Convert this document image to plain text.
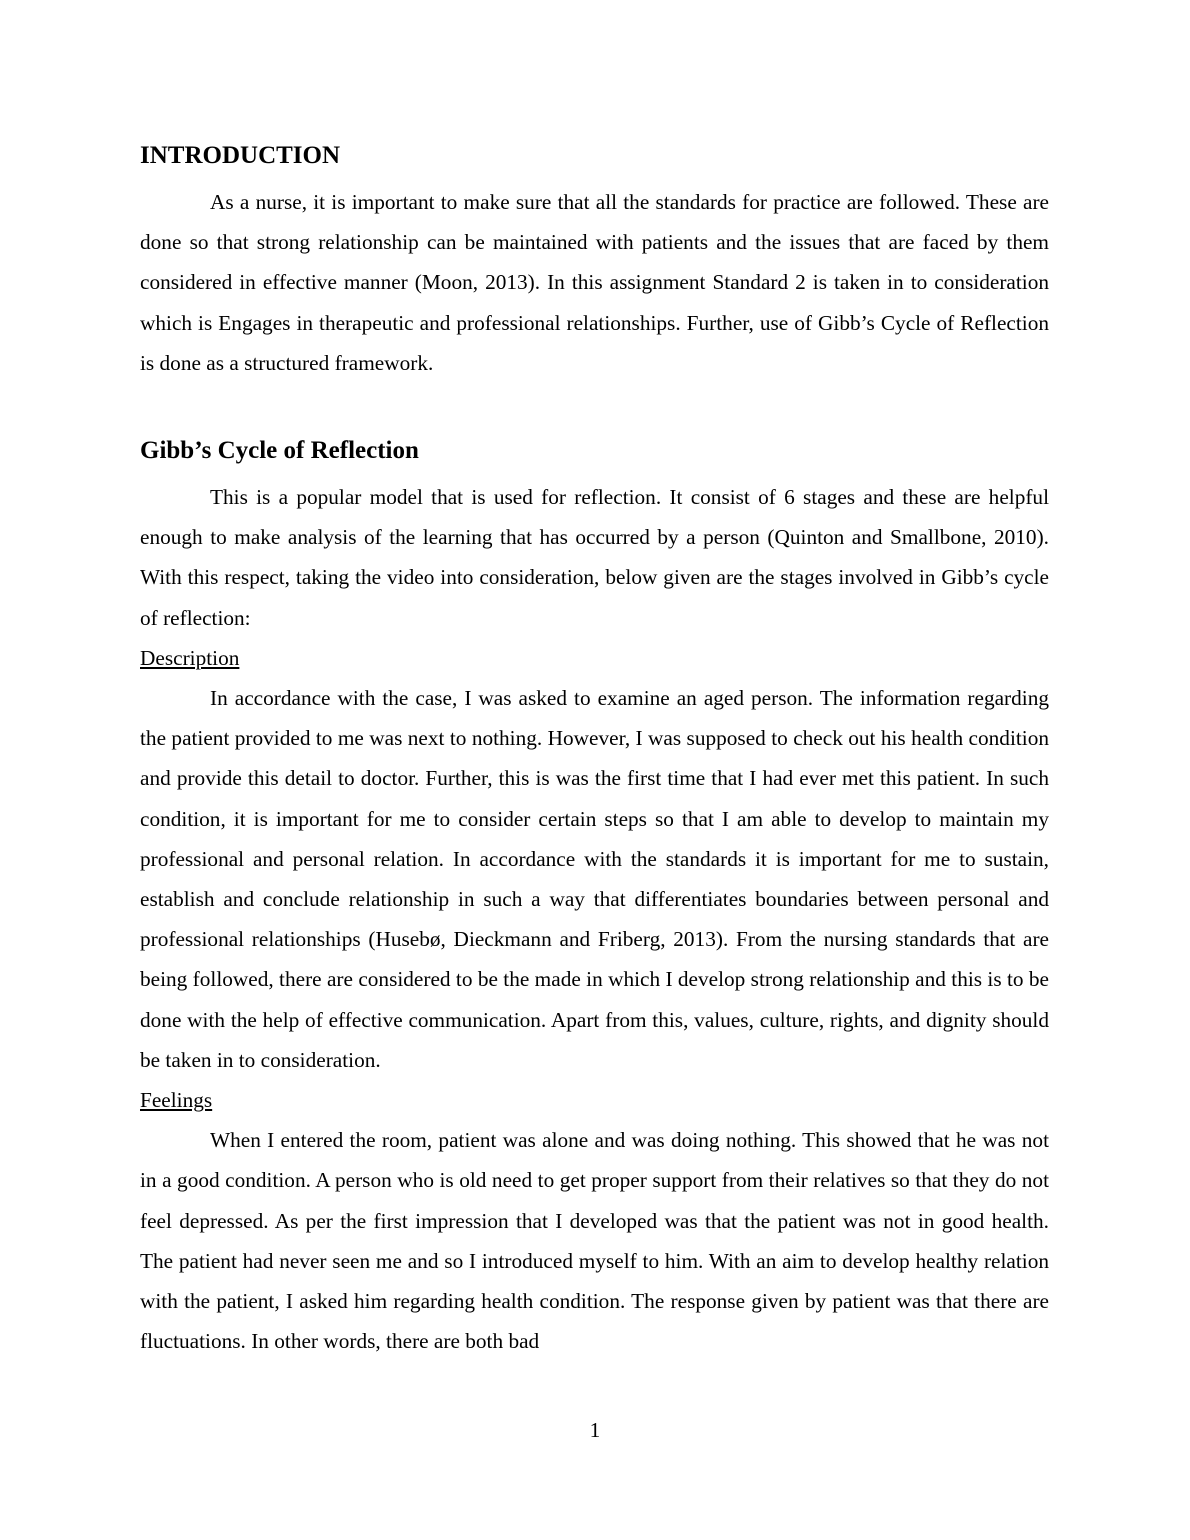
INTRODUCTION

As a nurse, it is important to make sure that all the standards for practice are followed. These are done so that strong relationship can be maintained with patients and the issues that are faced by them considered in effective manner (Moon, 2013). In this assignment Standard 2 is taken in to consideration which is Engages in therapeutic and professional relationships. Further, use of Gibb’s Cycle of Reflection is done as a structured framework.

Gibb’s Cycle of Reflection

This is a popular model that is used for reflection. It consist of 6 stages and these are helpful enough to make analysis of the learning that has occurred by a person (Quinton and Smallbone, 2010). With this respect, taking the video into consideration, below given are the stages involved in Gibb’s cycle of reflection:

Description

In accordance with the case, I was asked to examine an aged person. The information regarding the patient provided to me was next to nothing. However, I was supposed to check out his health condition and provide this detail to doctor. Further, this is was the first time that I had ever met this patient. In such condition, it is important for me to consider certain steps so that I am able to develop to maintain my professional and personal relation. In accordance with the standards it is important for me to sustain, establish and conclude relationship in such a way that differentiates boundaries between personal and professional relationships (Husebø, Dieckmann and Friberg, 2013). From the nursing standards that are being followed, there are considered to be the made in which I develop strong relationship and this is to be done with the help of effective communication. Apart from this, values, culture, rights, and dignity should be taken in to consideration.

Feelings

When I entered the room, patient was alone and was doing nothing. This showed that he was not in a good condition. A person who is old need to get proper support from their relatives so that they do not feel depressed. As per the first impression that I developed was that the patient was not in good health. The patient had never seen me and so I introduced myself to him. With an aim to develop healthy relation with the patient, I asked him regarding health condition. The response given by patient was that there are fluctuations. In other words, there are both bad

1
